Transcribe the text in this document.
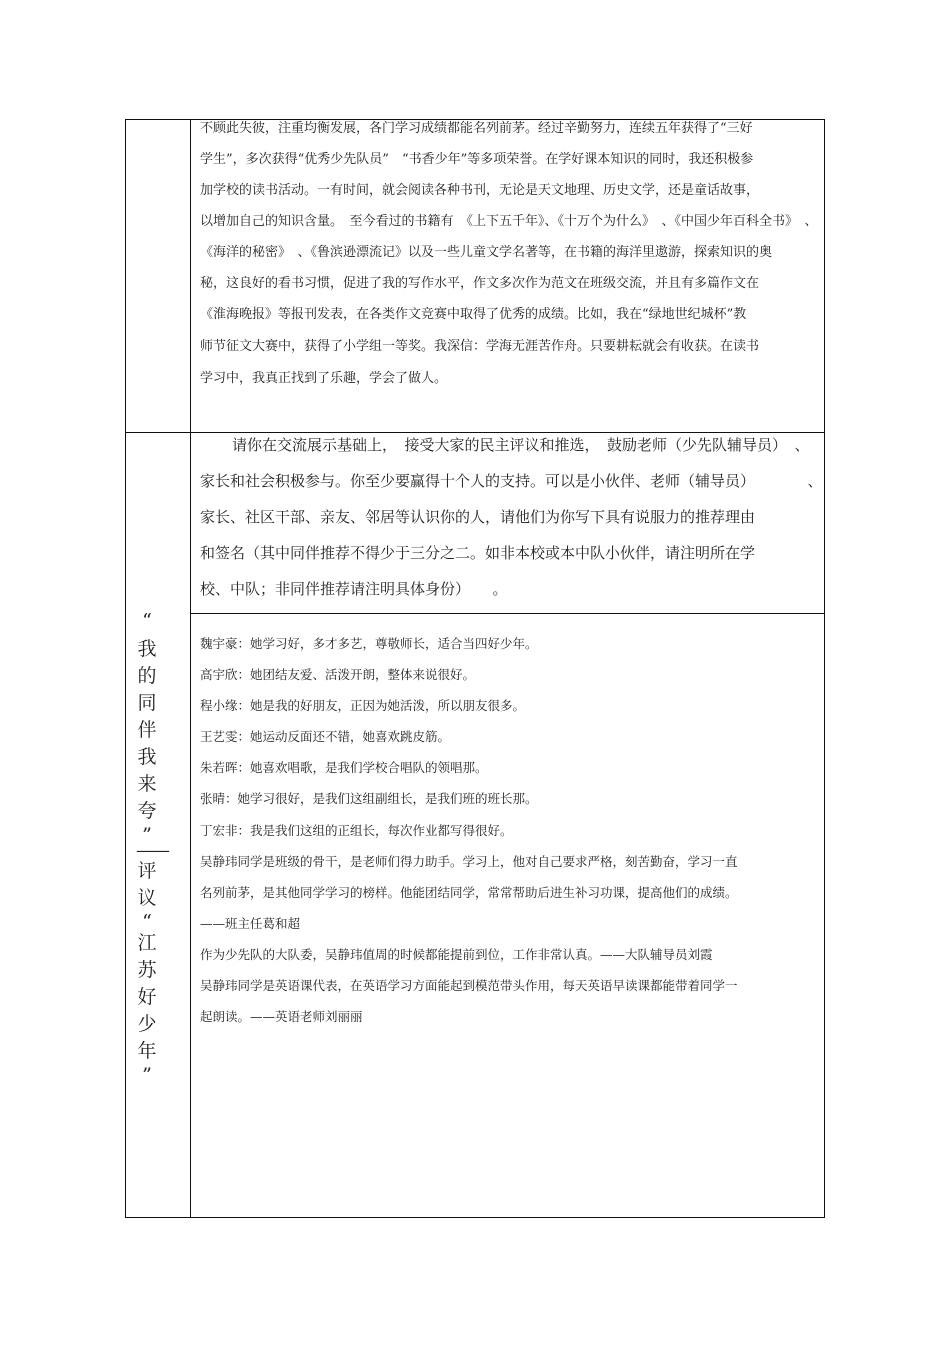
不顾此失彼，注重均衡发展，各门学习成绩都能名列前茅。经过辛勤努力，连续五年获得了“三好
学生”，多次获得“优秀少先队员”　“书香少年”等多项荣誉。在学好课本知识的同时，我还积极参
加学校的读书活动。一有时间，就会阅读各种书刊，无论是天文地理、历史文学，还是童话故事，
以增加自己的知识含量。　至今看过的书籍有　《上下五千年》、《十万个为什么》　、《中国少年百科全书》　、
《海洋的秘密》　、《鲁滨逊漂流记》以及一些儿童文学名著等，在书籍的海洋里遨游，探索知识的奥
秘，这良好的看书习惯，促进了我的写作水平，作文多次作为范文在班级交流，并且有多篇作文在
《淮海晚报》等报刊发表，在各类作文竞赛中取得了优秀的成绩。比如，我在“绿地世纪城杯”教
师节征文大赛中，获得了小学组一等奖。我深信：学海无涯苦作舟。只要耕耘就会有收获。在读书
学习中，我真正找到了乐趣，学会了做人。
“
我
的
同
伴
我
来
夸
”
——
评
议
“
江
苏
好
少
年
”
请你在交流展示基础上，　接受大家的民主评议和推选，　鼓励老师（少先队辅导员）　、
家长和社会积极参与。你至少要赢得十个人的支持。可以是小伙伴、老师（辅导员）　　　　、
家长、社区干部、亲友、邻居等认识你的人，请他们为你写下具有说服力的推荐理由
和签名（其中同伴推荐不得少于三分之二。如非本校或本中队小伙伴，请注明所在学
校、中队；非同伴推荐请注明具体身份）　　。
魏宇豪：她学习好，多才多艺，尊敬师长，适合当四好少年。
高宇欣：她团结友爱、活泼开朗，整体来说很好。
程小缘：她是我的好朋友，正因为她活泼，所以朋友很多。
王艺雯：她运动反面还不错，她喜欢跳皮筋。
朱若晖：她喜欢唱歌，是我们学校合唱队的领唱那。
张晴：她学习很好，是我们这组副组长，是我们班的班长那。
丁宏非：我是我们这组的正组长，每次作业都写得很好。
吴静玮同学是班级的骨干，是老师们得力助手。学习上，他对自己要求严格，刻苦勤奋，学习一直
名列前茅，是其他同学学习的榜样。他能团结同学，常常帮助后进生补习功课，提高他们的成绩。
——班主任葛和超
作为少先队的大队委，吴静玮值周的时候都能提前到位，工作非常认真。——大队辅导员刘霞
吴静玮同学是英语课代表，在英语学习方面能起到模范带头作用，每天英语早读课都能带着同学一
起朗读。——英语老师刘丽丽
